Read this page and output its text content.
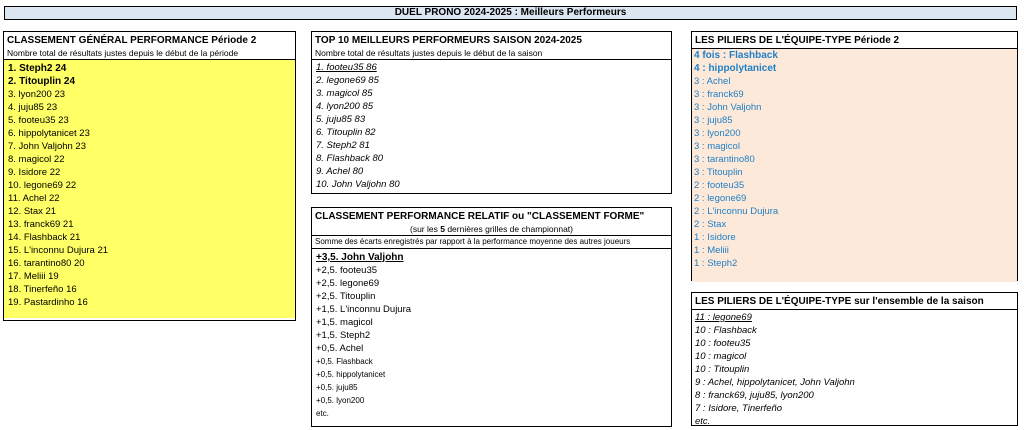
DUEL PRONO 2024-2025 : Meilleurs Performeurs
CLASSEMENT GÉNÉRAL PERFORMANCE Période 2
Nombre total de résultats justes depuis le début de la période
1. Steph2 24
2. Titouplin 24
3. lyon200 23
4. juju85 23
5. footeu35 23
6. hippolytanicet 23
7. John Valjohn 23
8. magicol 22
9. Isidore 22
10. legone69 22
11. Achel 22
12. Stax 21
13. franck69 21
14. Flashback 21
15. L'inconnu Dujura 21
16. tarantino80 20
17. Meliii 19
18. Tinerfeño 16
19. Pastardinho 16
TOP 10 MEILLEURS PERFORMEURS SAISON 2024-2025
Nombre total de résultats justes depuis le début de la saison
1. footeu35 86
2. legone69 85
3. magicol 85
4. lyon200 85
5. juju85 83
6. Titouplin 82
7. Steph2 81
8. Flashback 80
9. Achel 80
10. John Valjohn 80
CLASSEMENT PERFORMANCE RELATIF ou "CLASSEMENT FORME"
(sur les 5 dernières grilles de championnat)
Somme des écarts enregistrés par rapport à la performance moyenne des autres joueurs
+3,5. John Valjohn
+2,5. footeu35
+2,5. legone69
+2,5. Titouplin
+1,5. L'inconnu Dujura
+1,5. magicol
+1,5. Steph2
+0,5. Achel
+0,5. Flashback
+0,5. hippolytanicet
+0,5. juju85
+0,5. lyon200
etc.
LES PILIERS DE L'ÉQUIPE-TYPE Période 2
4 fois : Flashback
4 : hippolytanicet
3 : Achel
3 : franck69
3 : John Valjohn
3 : juju85
3 : lyon200
3 : magicol
3 : tarantino80
3 : Titouplin
2 : footeu35
2 : legone69
2 : L'inconnu Dujura
2 : Stax
1 : Isidore
1 : Meliii
1 : Steph2
LES PILIERS DE L'ÉQUIPE-TYPE sur l'ensemble de la saison
11 : legone69
10 : Flashback
10 : footeu35
10 : magicol
10 : Titouplin
9 : Achel, hippolytanicet, John Valjohn
8 : franck69, juju85, lyon200
7 : Isidore, Tinerfeño
etc.
